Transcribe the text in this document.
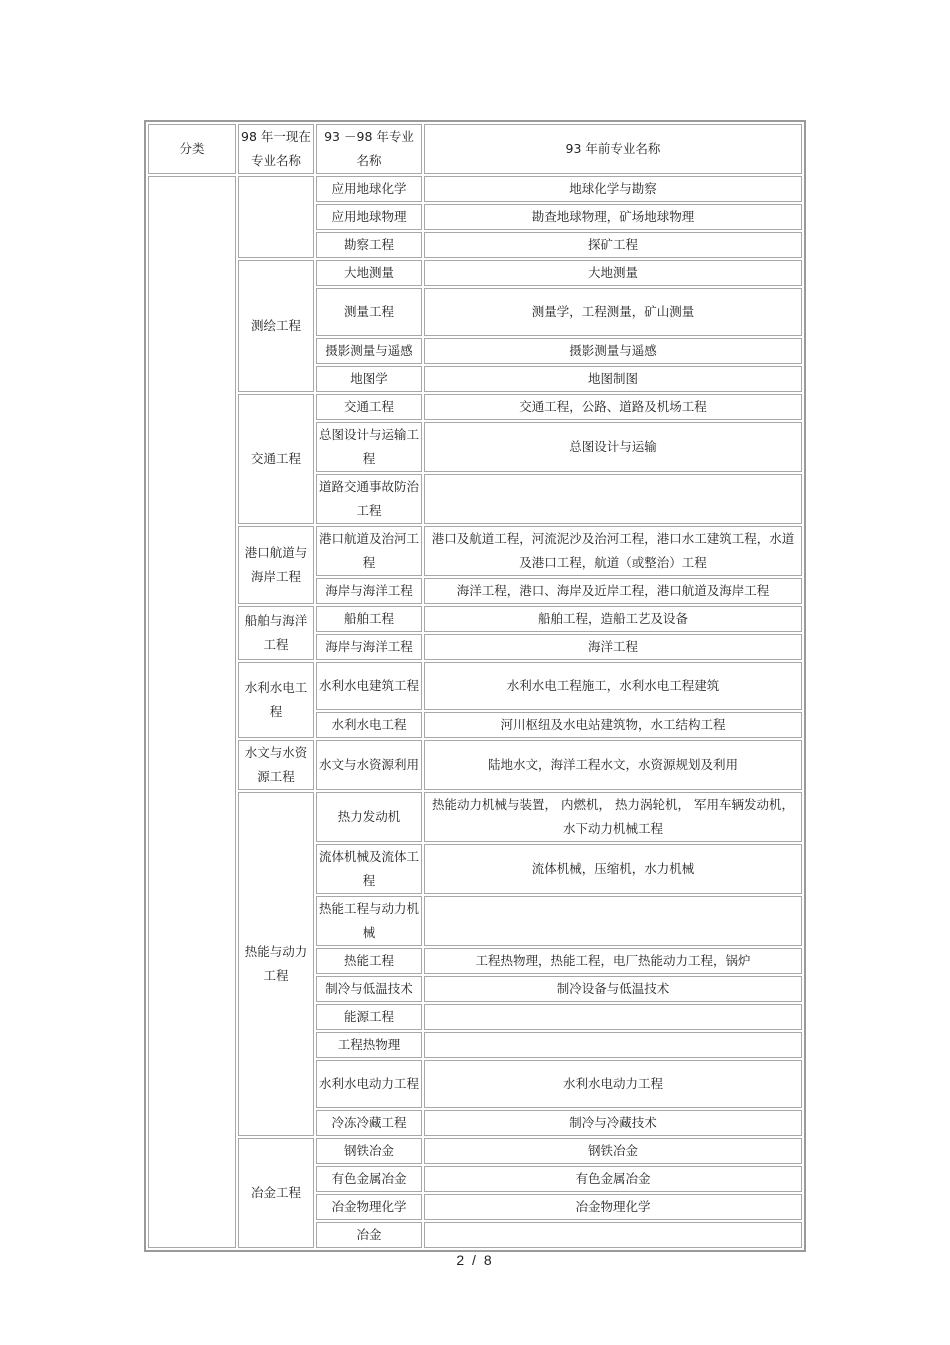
分类	98 年一现在专业名称	93 －98 年专业名称	93 年前专业名称
		应用地球化学	地球化学与勘察
		应用地球物理	勘查地球物理，矿场地球物理
		勘察工程	探矿工程
	测绘工程	大地测量	大地测量
		测量工程	测量学，工程测量，矿山测量
		摄影测量与遥感	摄影测量与遥感
		地图学	地图制图
	交通工程	交通工程	交通工程，公路、道路及机场工程
		总图设计与运输工程	总图设计与运输
		道路交通事故防治工程	
	港口航道与海岸工程	港口航道及治河工程	港口及航道工程，河流泥沙及治河工程，港口水工建筑工程，水道及港口工程，航道（或整治）工程
		海岸与海洋工程	海洋工程，港口、海岸及近岸工程，港口航道及海岸工程
	船舶与海洋工程	船舶工程	船舶工程，造船工艺及设备
		海岸与海洋工程	海洋工程
	水利水电工程	水利水电建筑工程	水利水电工程施工，水利水电工程建筑
		水利水电工程	河川枢纽及水电站建筑物，水工结构工程
	水文与水资源工程	水文与水资源利用	陆地水文，海洋工程水文，水资源规划及利用
	热能与动力工程	热力发动机	热能动力机械与装置， 内燃机， 热力涡轮机， 军用车辆发动机，水下动力机械工程
		流体机械及流体工程	流体机械，压缩机，水力机械
		热能工程与动力机械	
		热能工程	工程热物理，热能工程，电厂热能动力工程，锅炉
		制冷与低温技术	制冷设备与低温技术
		能源工程	
		工程热物理	
		水利水电动力工程	水利水电动力工程
		冷冻冷藏工程	制冷与冷藏技术
	冶金工程	钢铁冶金	钢铁冶金
		有色金属冶金	有色金属冶金
		冶金物理化学	冶金物理化学
		冶金	
2 / 8
